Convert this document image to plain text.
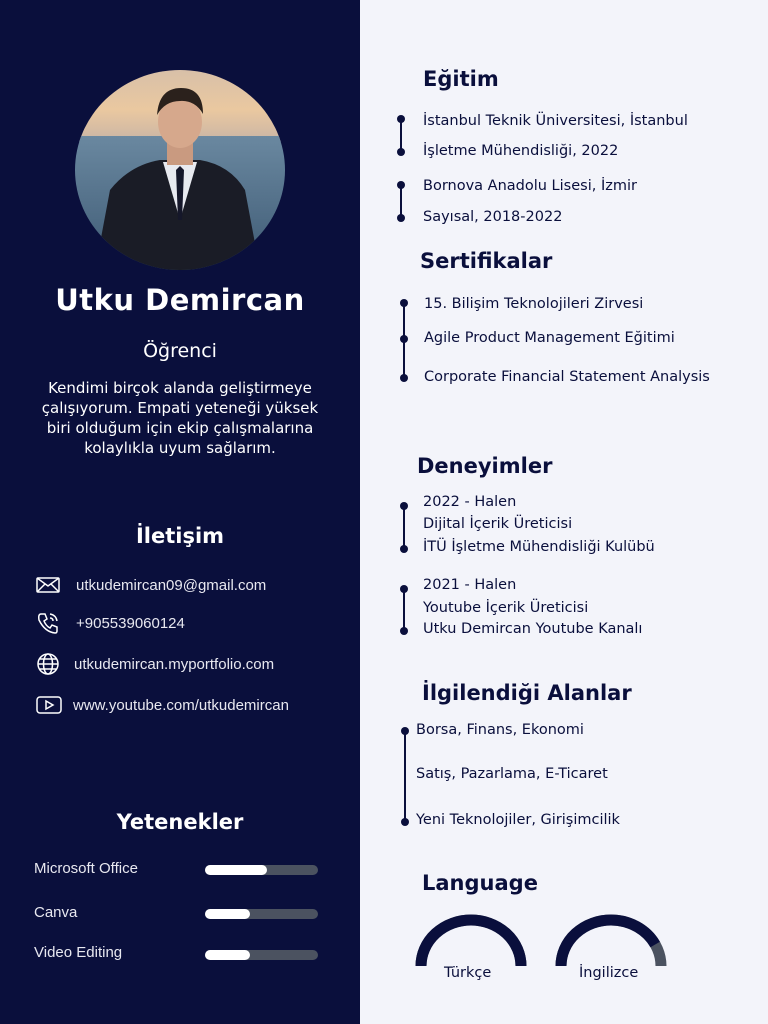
Utku Demircan
Öğrenci
Kendimi birçok alanda geliştirmeye çalışıyorum. Empati yeteneği yüksek biri olduğum için ekip çalışmalarına kolaylıkla uyum sağlarım.
İletişim
utkudemircan09@gmail.com
+905539060124
utkudemircan.myportfolio.com
www.youtube.com/utkudemircan
Yetenekler
Microsoft Office
Canva
Video Editing
Eğitim
İstanbul Teknik Üniversitesi, İstanbul
İşletme Mühendisliği, 2022
Bornova Anadolu Lisesi, İzmir
Sayısal, 2018-2022
Sertifikalar
15. Bilişim Teknolojileri Zirvesi
Agile Product Management Eğitimi
Corporate Financial Statement Analysis
Deneyimler
2022 - Halen
Dijital İçerik Üreticisi
İTÜ İşletme Mühendisliği Kulübü
2021 - Halen
Youtube İçerik Üreticisi
Utku Demircan Youtube Kanalı
İlgilendiği Alanlar
Borsa, Finans, Ekonomi
Satış, Pazarlama, E-Ticaret
Yeni Teknolojiler, Girişimcilik
Language
Türkçe	İngilizce
